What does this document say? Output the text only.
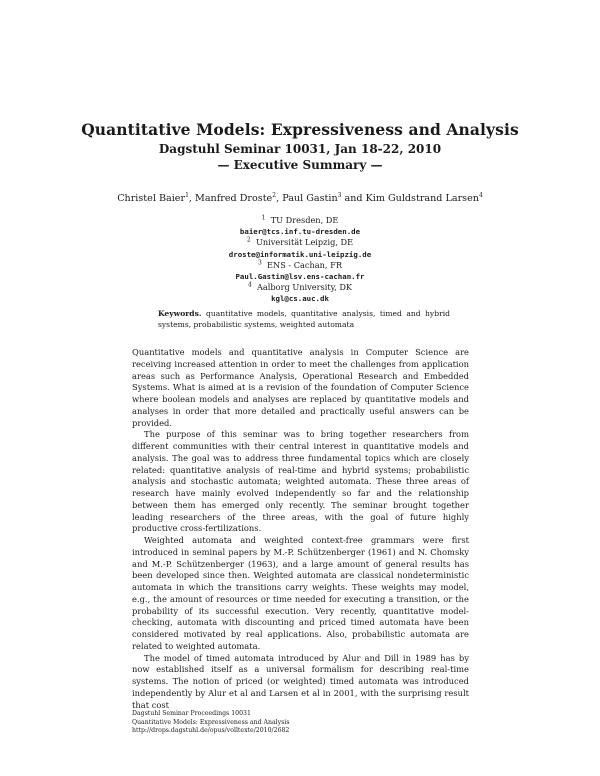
Quantitative Models: Expressiveness and Analysis
Dagstuhl Seminar 10031, Jan 18-22, 2010
— Executive Summary —
Christel Baier$^1$, Manfred Droste$^2$, Paul Gastin$^3$ and Kim Guldstrand Larsen$^4$
$^1$ TU Dresden, DE
baier@tcs.inf.tu-dresden.de
$^2$ Universität Leipzig, DE
droste@informatik.uni-leipzig.de
$^3$ ENS - Cachan, FR
Paul.Gastin@lsv.ens-cachan.fr
$^4$ Aalborg University, DK
kgl@cs.auc.dk
Keywords. quantitative models, quantitative analysis, timed and hybrid systems, probabilistic systems, weighted automata

Quantitative models and quantitative analysis in Computer Science are receiving increased attention in order to meet the challenges from application areas such as Performance Analysis, Operational Research and Embedded Systems. What is aimed at is a revision of the foundation of Computer Science where boolean models and analyses are replaced by quantitative models and analyses in order that more detailed and practically useful answers can be provided.

The purpose of this seminar was to bring together researchers from different communities with their central interest in quantitative models and analysis. The goal was to address three fundamental topics which are closely related: quantitative analysis of real-time and hybrid systems; probabilistic analysis and stochastic automata; weighted automata. These three areas of research have mainly evolved independently so far and the relationship between them has emerged only recently. The seminar brought together leading researchers of the three areas, with the goal of future highly productive cross-fertilizations.

Weighted automata and weighted context-free grammars were first introduced in seminal papers by M.-P. Schützenberger (1961) and N. Chomsky and M.-P. Schützenberger (1963), and a large amount of general results has been developed since then. Weighted automata are classical nondeterministic automata in which the transitions carry weights. These weights may model, e.g., the amount of resources or time needed for executing a transition, or the probability of its successful execution. Very recently, quantitative model-checking, automata with discounting and priced timed automata have been considered motivated by real applications. Also, probabilistic automata are related to weighted automata.

The model of timed automata introduced by Alur and Dill in 1989 has by now established itself as a universal formalism for describing real-time systems. The notion of priced (or weighted) timed automata was introduced independently by Alur et al and Larsen et al in 2001, with the surprising result that cost

Dagstuhl Seminar Proceedings 10031
Quantitative Models: Expressiveness and Analysis
http://drops.dagstuhl.de/opus/volltexte/2010/2682
